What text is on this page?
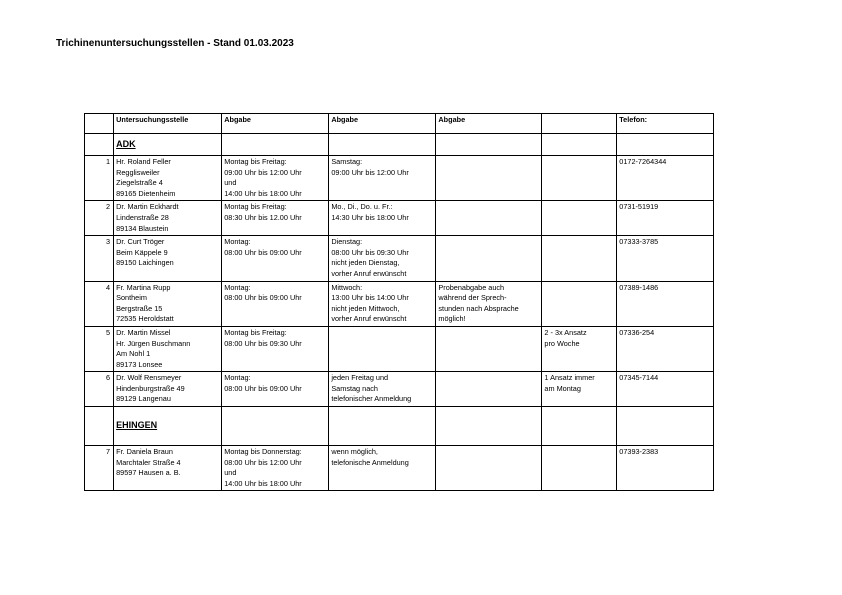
Trichinenuntersuchungsstellen - Stand 01.03.2023
	Untersuchungsstelle	Abgabe	Abgabe	Abgabe		Telefon:
	ADK					
1	Hr. Roland Feller
Regglisweiler
Ziegelstraße 4
89165 Dietenheim	Montag bis Freitag:
09:00 Uhr bis 12:00 Uhr
und
14:00 Uhr bis 18:00 Uhr	Samstag:
09:00 Uhr bis 12:00 Uhr			0172-7264344
2	Dr. Martin Eckhardt
Lindenstraße 28
89134 Blaustein	Montag bis Freitag:
08:30 Uhr bis 12.00 Uhr	Mo., Di., Do. u. Fr.:
14:30 Uhr bis 18:00 Uhr			0731-51919
3	Dr. Curt Tröger
Beim Käppele 9
89150 Laichingen	Montag:
08:00 Uhr bis 09:00 Uhr	Dienstag:
08:00 Uhr bis 09:30 Uhr
nicht jeden Dienstag,
vorher Anruf erwünscht			07333-3785
4	Fr. Martina Rupp
Sontheim
Bergstraße 15
72535 Heroldstatt	Montag:
08:00 Uhr bis 09:00 Uhr	Mittwoch:
13:00 Uhr bis 14:00 Uhr
nicht jeden Mittwoch,
vorher Anruf erwünscht	Probenabgabe auch
während der Sprech-
stunden nach Absprache
möglich!		07389-1486
5	Dr. Martin Missel
Hr. Jürgen Buschmann
Am Nohl 1
89173 Lonsee	Montag bis Freitag:
08:00 Uhr bis 09:30 Uhr			2 - 3x Ansatz
pro Woche	07336-254
6	Dr. Wolf Rensmeyer
Hindenburgstraße 49
89129 Langenau	Montag:
08:00 Uhr bis 09:00 Uhr	jeden Freitag und
Samstag nach
telefonischer Anmeldung		1 Ansatz immer
am Montag	07345-7144
	EHINGEN					
7	Fr. Daniela Braun
Marchtaler Straße 4
89597 Hausen a. B.	Montag bis Donnerstag:
08:00 Uhr bis 12:00 Uhr
und
14:00 Uhr bis 18:00 Uhr	wenn möglich,
telefonische Anmeldung			07393-2383
